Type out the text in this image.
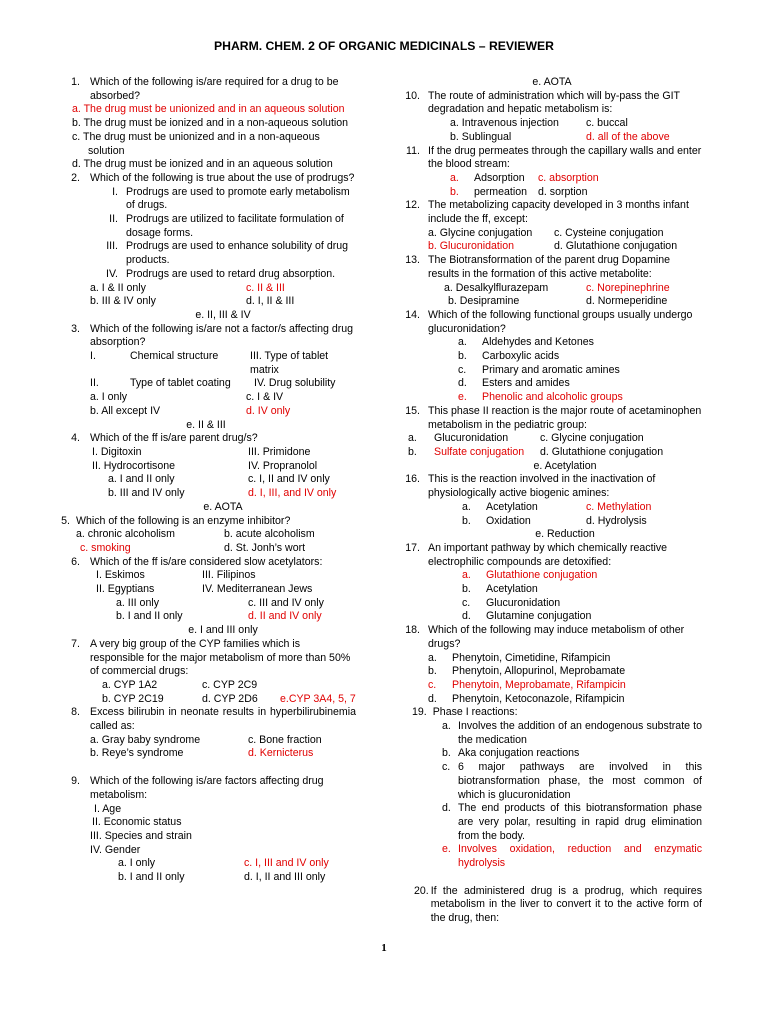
PHARM. CHEM. 2 OF ORGANIC MEDICINALS – REVIEWER
1. Which of the following is/are required for a drug to be absorbed?
a. The drug must be unionized and in an aqueous solution
b. The drug must be ionized and in a non-aqueous solution
c. The drug must be unionized and in a non-aqueous solution
d. The drug must be ionized and in an aqueous solution
2. Which of the following is true about the use of prodrugs?
I. Prodrugs are used to promote early metabolism of drugs.
II. Prodrugs are utilized to facilitate formulation of dosage forms.
III. Prodrugs are used to enhance solubility of drug products.
IV. Prodrugs are used to retard drug absorption.
a. I & II only	c. II & III
b. III & IV only	d. I, II & III
e. II, III & IV
3. Which of the following is/are not a factor/s affecting drug absorption?
I.	Chemical structure	III. Type of tablet matrix
II.	Type of tablet coating	IV. Drug solubility
a. I only	c. I & IV
b. All except IV	d. IV only
e. II & III
4. Which of the ff is/are parent drug/s?
I. Digitoxin	III. Primidone
II. Hydrocortisone	IV. Propranolol
a. I and II only	c. I, II and IV only
b. III and IV only	d. I, III, and IV only
e. AOTA
5. Which of the following is an enzyme inhibitor?
a. chronic alcoholism	b. acute alcoholism
c. smoking	d. St. Jonh’s wort
6. Which of the ff is/are considered slow acetylators:
I. Eskimos	III. Filipinos
II. Egyptians	IV. Mediterranean Jews
a. III only	c. III and IV only
b. I and II only	d. II and IV only
e. I and III only
7. A very big group of the CYP families which is responsible for the major metabolism of more than 50% of commercial drugs:
a. CYP 1A2	c. CYP 2C9
b. CYP 2C19	d. CYP 2D6	e.CYP 3A4, 5, 7
8. Excess bilirubin in neonate results in hyperbilirubinemia called as:
a. Gray baby syndrome	c. Bone fraction
b. Reye’s syndrome	d. Kernicterus
9. Which of the following is/are factors affecting drug metabolism:
I. Age
II. Economic status
III. Species and strain
IV. Gender
a. I only	c. I, III and IV only
b. I and II only	d. I, II and III only
e. AOTA
10. The route of administration which will by-pass the GIT degradation and hepatic metabolism is:
a. Intravenous injection	c. buccal
b. Sublingual	d. all of the above
11. If the drug permeates through the capillary walls and enter the blood stream:
a.	Adsorption	c. absorption
b.	permeation	d. sorption
12. The metabolizing capacity developed in 3 months infant include the ff, except:
a. Glycine conjugation	c. Cysteine conjugation
b. Glucuronidation	d. Glutathione conjugation
13. The Biotransformation of the parent drug Dopamine results in the formation of this active metabolite:
a. Desalkylflurazepam	c. Norepinephrine
b. Desipramine	d. Normeperidine
14. Which of the following functional groups usually undergo glucuronidation?
a.	Aldehydes and Ketones
b.	Carboxylic acids
c.	Primary and aromatic amines
d.	Esters and amides
e.	Phenolic and alcoholic groups
15. This phase II reaction is the major route of acetaminophen metabolism in the pediatric group:
a.	Glucuronidation	c. Glycine conjugation
b.	Sulfate conjugation	d. Glutathione conjugation
e. Acetylation
16. This is the reaction involved in the inactivation of physiologically active biogenic amines:
a.	Acetylation	c. Methylation
b.	Oxidation	d. Hydrolysis
e. Reduction
17. An important pathway by which chemically reactive electrophilic compounds are detoxified:
a.	Glutathione conjugation
b.	Acetylation
c.	Glucuronidation
d.	Glutamine conjugation
18. Which of the following may induce metabolism of other drugs?
a.	Phenytoin, Cimetidine, Rifampicin
b.	Phenytoin, Allopurinol, Meprobamate
c.	Phenytoin, Meprobamate, Rifampicin
d.	Phenytoin, Ketoconazole, Rifampicin
19. Phase I reactions:
a. Involves the addition of an endogenous substrate to the medication
b. Aka conjugation reactions
c. 6 major pathways are involved in this biotransformation phase, the most common of which is glucuronidation
d. The end products of this biotransformation phase are very polar, resulting in rapid drug elimination from the body.
e. Involves oxidation, reduction and enzymatic hydrolysis
20. If the administered drug is a prodrug, which requires metabolism in the liver to convert it to the active form of the drug, then:
1
